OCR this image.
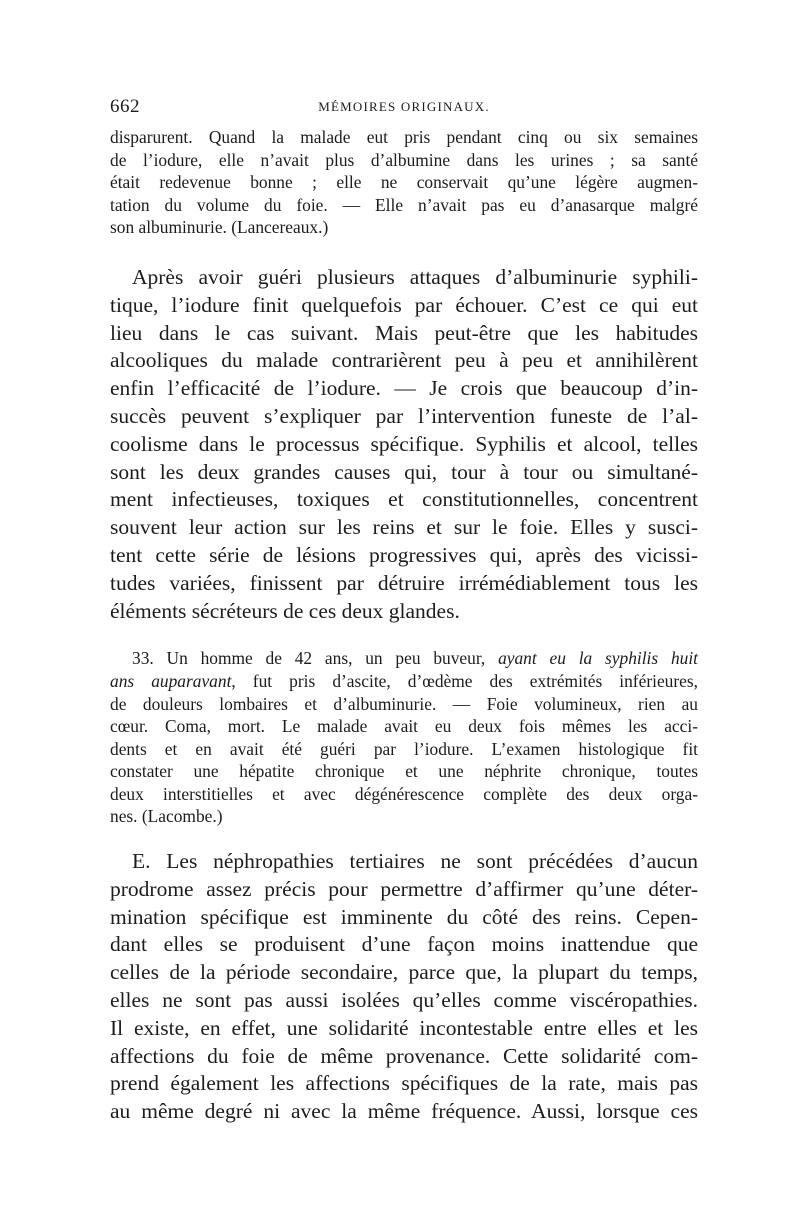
662	MÉMOIRES ORIGINAUX.

disparurent. Quand la malade eut pris pendant cinq ou six semaines
de l’iodure, elle n’avait plus d’albumine dans les urines ; sa santé
était redevenue bonne ; elle ne conservait qu’une légère augmen-
tation du volume du foie. — Elle n’avait pas eu d’anasarque malgré
son albuminurie. (Lancereaux.)

Après avoir guéri plusieurs attaques d’albuminurie syphili-
tique, l’iodure finit quelquefois par échouer. C’est ce qui eut
lieu dans le cas suivant. Mais peut-être que les habitudes
alcooliques du malade contrarièrent peu à peu et annihilèrent
enfin l’efficacité de l’iodure. — Je crois que beaucoup d’in-
succès peuvent s’expliquer par l’intervention funeste de l’al-
coolisme dans le processus spécifique. Syphilis et alcool, telles
sont les deux grandes causes qui, tour à tour ou simultané-
ment infectieuses, toxiques et constitutionnelles, concentrent
souvent leur action sur les reins et sur le foie. Elles y susci-
tent cette série de lésions progressives qui, après des vicissi-
tudes variées, finissent par détruire irrémédiablement tous les
éléments sécréteurs de ces deux glandes.

33. Un homme de 42 ans, un peu buveur, ayant eu la syphilis huit
ans auparavant, fut pris d’ascite, d’œdème des extrémités inférieures,
de douleurs lombaires et d’albuminurie. — Foie volumineux, rien au
cœur. Coma, mort. Le malade avait eu deux fois mêmes les acci-
dents et en avait été guéri par l’iodure. L’examen histologique fit
constater une hépatite chronique et une néphrite chronique, toutes
deux interstitielles et avec dégénérescence complète des deux orga-
nes. (Lacombe.)

E. Les néphropathies tertiaires ne sont précédées d’aucun
prodrome assez précis pour permettre d’affirmer qu’une déter-
mination spécifique est imminente du côté des reins. Cepen-
dant elles se produisent d’une façon moins inattendue que
celles de la période secondaire, parce que, la plupart du temps,
elles ne sont pas aussi isolées qu’elles comme viscéropathies.
Il existe, en effet, une solidarité incontestable entre elles et les
affections du foie de même provenance. Cette solidarité com-
prend également les affections spécifiques de la rate, mais pas
au même degré ni avec la même fréquence. Aussi, lorsque ces
